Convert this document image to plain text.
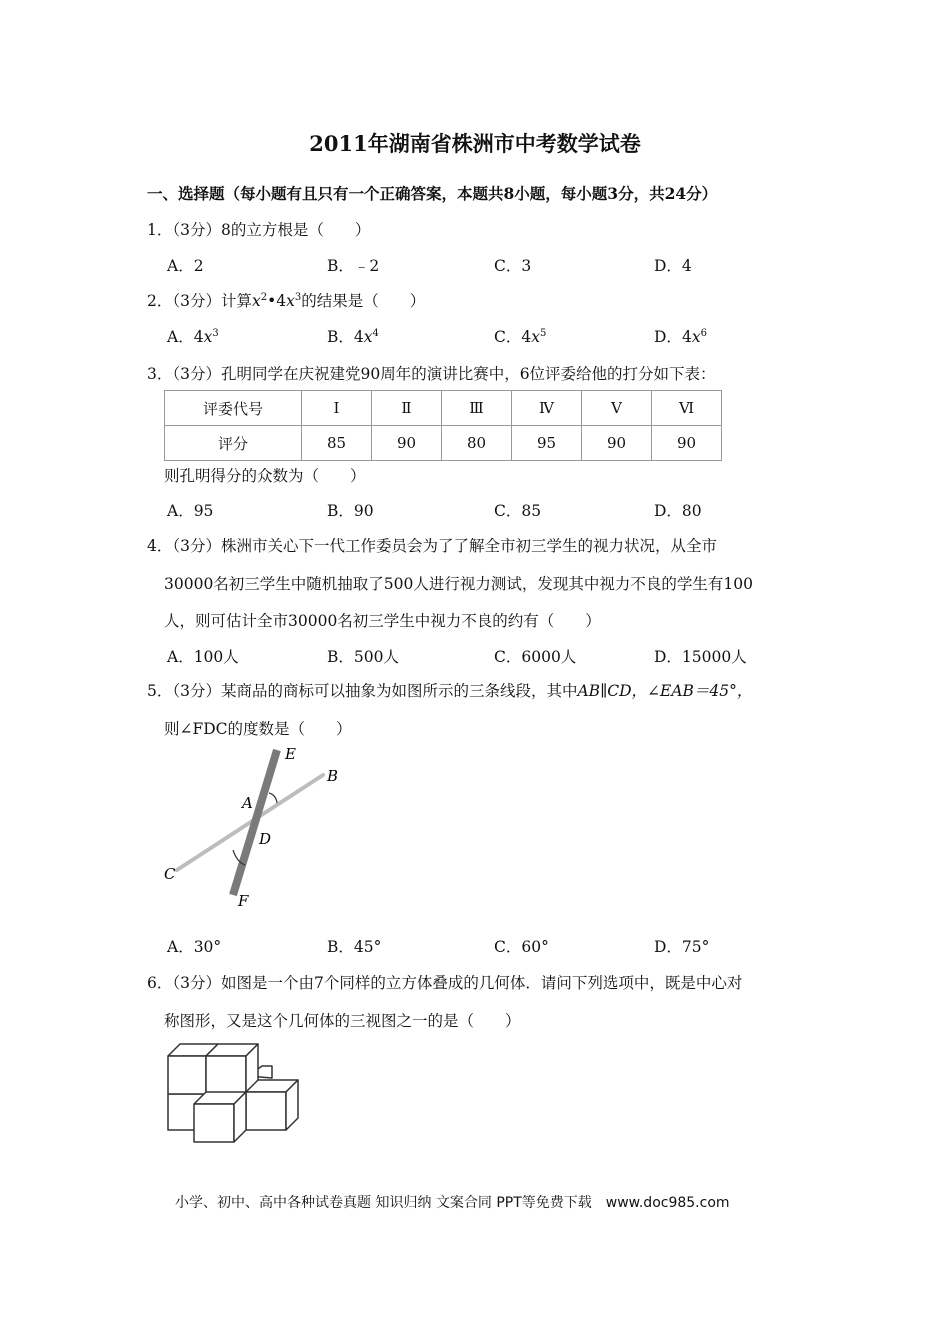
2011年湖南省株洲市中考数学试卷
一、选择题（每小题有且只有一个正确答案，本题共8小题，每小题3分，共24分）
1．（3分）8的立方根是（　　）
A．2	B．﹣2	C．3	D．4
2．（3分）计算$x^2•4x^3$的结果是（　　）
A．$4x^3$	B．$4x^4$	C．$4x^5$	D．$4x^6$
3．（3分）孔明同学在庆祝建党90周年的演讲比赛中，6位评委给他的打分如下表：
评委代号	Ⅰ	Ⅱ	Ⅲ	Ⅳ	Ⅴ	Ⅵ
评分	85	90	80	95	90	90
则孔明得分的众数为（　　）
A．95	B．90	C．85	D．80
4．（3分）株洲市关心下一代工作委员会为了了解全市初三学生的视力状况，从全市
30000名初三学生中随机抽取了500人进行视力测试，发现其中视力不良的学生有100
人，则可估计全市30000名初三学生中视力不良的约有（　　）
A．100人	B．500人	C．6000人	D．15000人
5．（3分）某商品的商标可以抽象为如图所示的三条线段，其中AB∥CD，∠EAB＝45°，
则∠FDC的度数是（　　）
E
B
A
D
C
F
A．30°	B．45°	C．60°	D．75°
6．（3分）如图是一个由7个同样的立方体叠成的几何体．请问下列选项中，既是中心对
称图形，又是这个几何体的三视图之一的是（　　）
小学、初中、高中各种试卷真题 知识归纳 文案合同 PPT等免费下载　www.doc985.com
